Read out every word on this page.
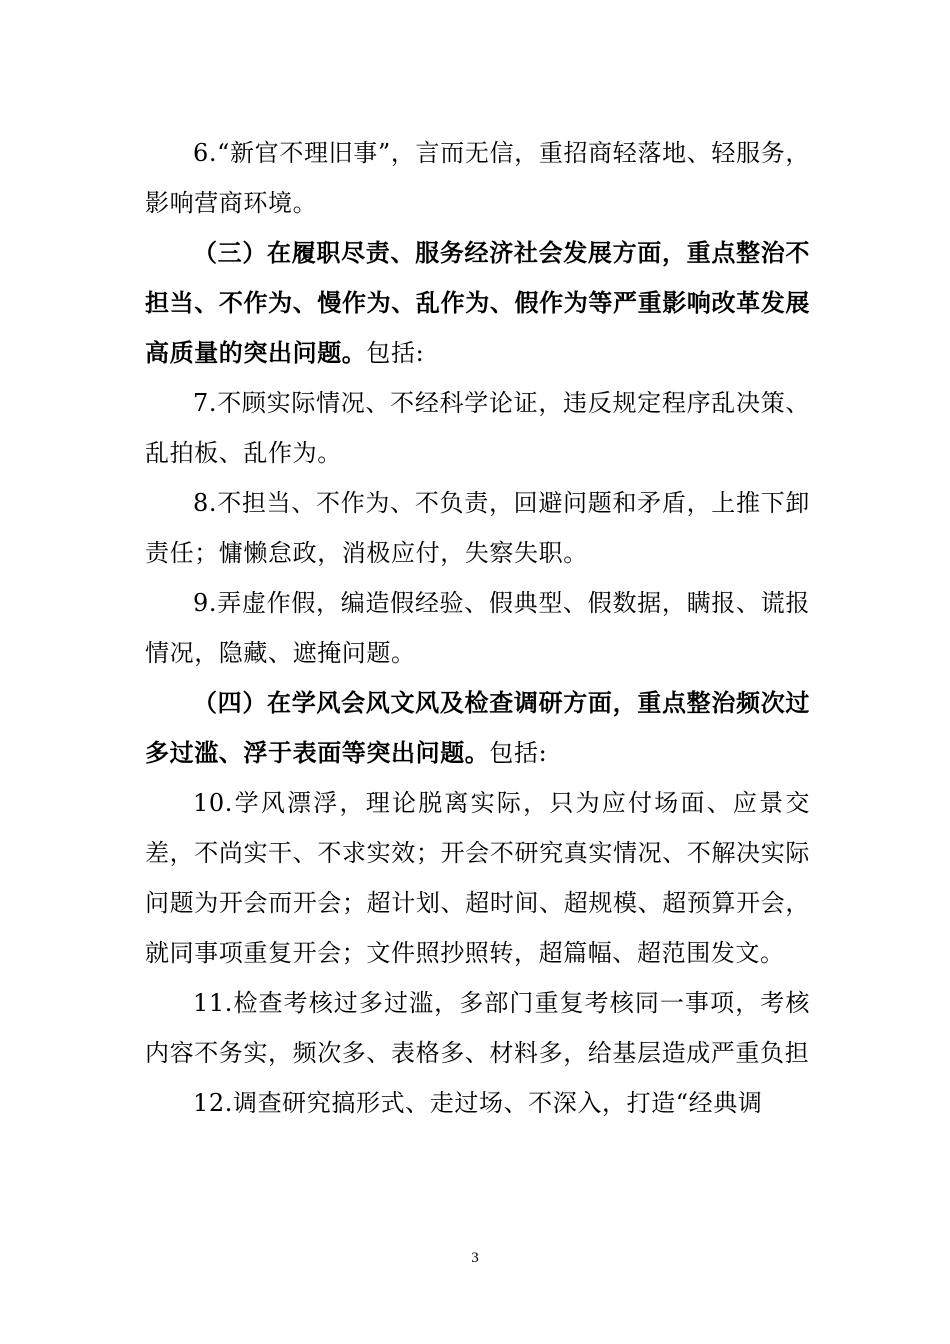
6.“新官不理旧事”，言而无信，重招商轻落地、轻服务，影响营商环境。

（三）在履职尽责、服务经济社会发展方面，重点整治不担当、不作为、慢作为、乱作为、假作为等严重影响改革发展高质量的突出问题。包括:

7.不顾实际情况、不经科学论证，违反规定程序乱决策、乱拍板、乱作为。

8.不担当、不作为、不负责，回避问题和矛盾，上推下卸责任；慵懒怠政，消极应付，失察失职。

9.弄虚作假，编造假经验、假典型、假数据，瞒报、谎报情况，隐藏、遮掩问题。

（四）在学风会风文风及检查调研方面，重点整治频次过多过滥、浮于表面等突出问题。包括:

10.学风漂浮，理论脱离实际，只为应付场面、应景交差，不尚实干、不求实效；开会不研究真实情况、不解决实际问题为开会而开会；超计划、超时间、超规模、超预算开会，就同事项重复开会；文件照抄照转，超篇幅、超范围发文。

11.检查考核过多过滥，多部门重复考核同一事项，考核内容不务实，频次多、表格多、材料多，给基层造成严重负担

12.调查研究搞形式、走过场、不深入，打造“经典调

3
